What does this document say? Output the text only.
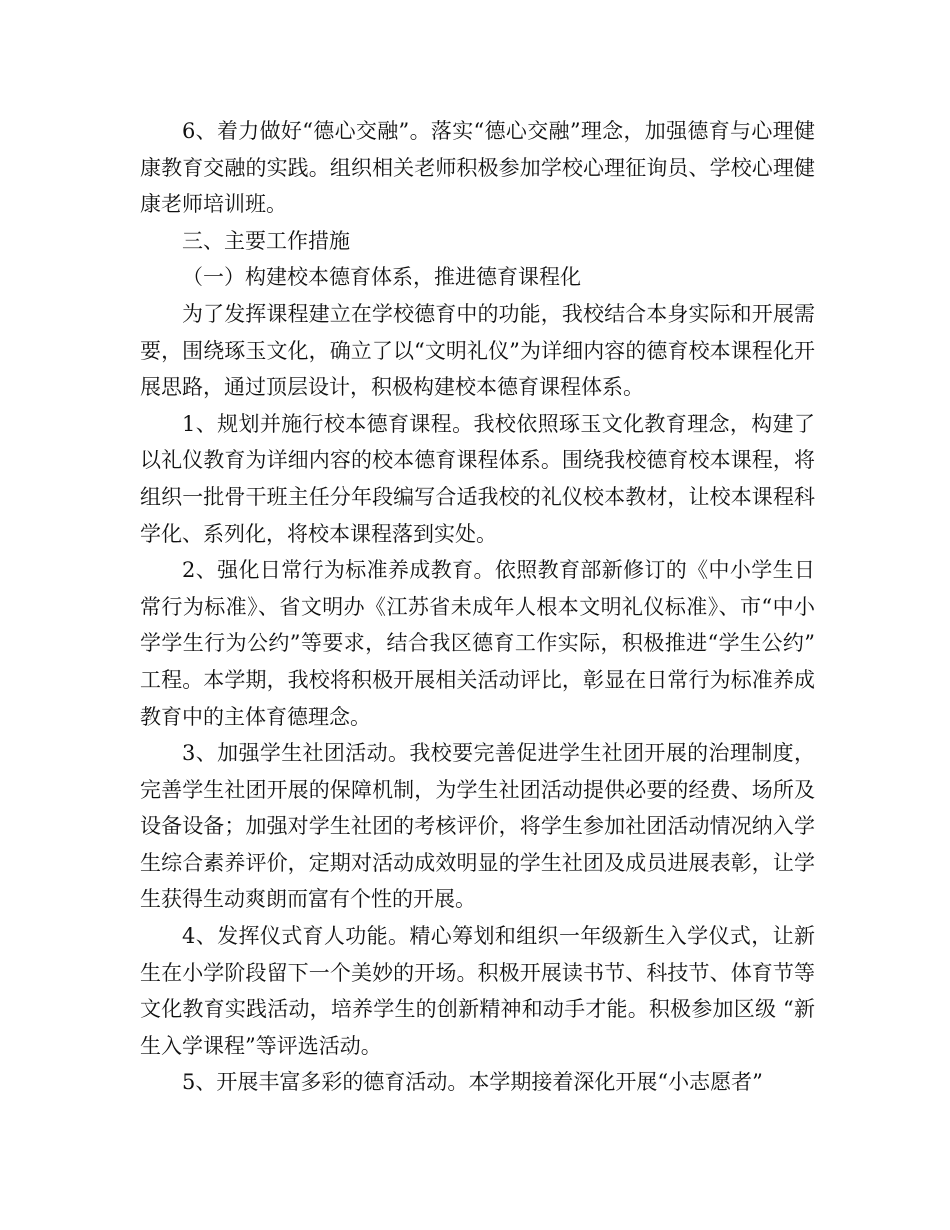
6、着力做好“德心交融”。落实“德心交融”理念，加强德育与心理健康教育交融的实践。组织相关老师积极参加学校心理征询员、学校心理健康老师培训班。

三、主要工作措施

（一）构建校本德育体系，推进德育课程化

为了发挥课程建立在学校德育中的功能，我校结合本身实际和开展需要，围绕琢玉文化，确立了以“文明礼仪”为详细内容的德育校本课程化开展思路，通过顶层设计，积极构建校本德育课程体系。

1、规划并施行校本德育课程。我校依照琢玉文化教育理念，构建了以礼仪教育为详细内容的校本德育课程体系。围绕我校德育校本课程，将组织一批骨干班主任分年段编写合适我校的礼仪校本教材，让校本课程科学化、系列化，将校本课程落到实处。

2、强化日常行为标准养成教育。依照教育部新修订的《中小学生日常行为标准》、省文明办《江苏省未成年人根本文明礼仪标准》、市“中小学学生行为公约”等要求，结合我区德育工作实际，积极推进“学生公约”工程。本学期，我校将积极开展相关活动评比，彰显在日常行为标准养成教育中的主体育德理念。

3、加强学生社团活动。我校要完善促进学生社团开展的治理制度，完善学生社团开展的保障机制，为学生社团活动提供必要的经费、场所及设备设备；加强对学生社团的考核评价，将学生参加社团活动情况纳入学生综合素养评价，定期对活动成效明显的学生社团及成员进展表彰，让学生获得生动爽朗而富有个性的开展。

4、发挥仪式育人功能。精心筹划和组织一年级新生入学仪式，让新生在小学阶段留下一个美妙的开场。积极开展读书节、科技节、体育节等文化教育实践活动，培养学生的创新精神和动手才能。积极参加区级 “新生入学课程”等评选活动。

5、开展丰富多彩的德育活动。本学期接着深化开展“小志愿者”
